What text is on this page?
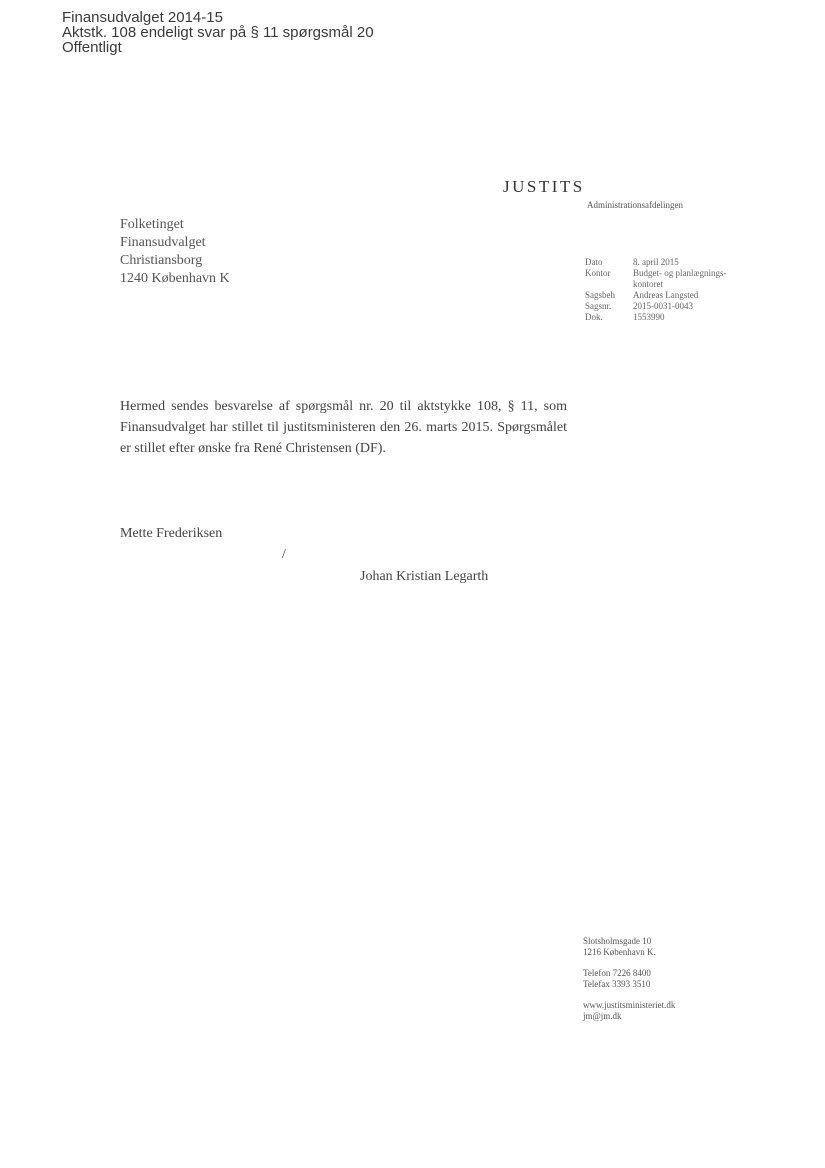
Finansudvalget 2014-15
Aktstk. 108 endeligt svar på § 11 spørgsmål 20
Offentligt
JUSTITS
Administrationsafdelingen
Folketinget
Finansudvalget
Christiansborg
1240 København K
Dato	8. april 2015
Kontor	Budget- og planlægnings-kontoret
Sagsbeh	Andreas Langsted
Sagsnr.	2015-0031-0043
Dok.	1553990
Hermed sendes besvarelse af spørgsmål nr. 20 til aktstykke 108, § 11, som Finansudvalget har stillet til justitsministeren den 26. marts 2015. Spørgsmålet er stillet efter ønske fra René Christensen (DF).
Mette Frederiksen
/
Johan Kristian Legarth
Slotsholmsgade 10
1216 København K.
Telefon 7226 8400
Telefax 3393 3510
www.justitsministeriet.dk
jm@jm.dk
